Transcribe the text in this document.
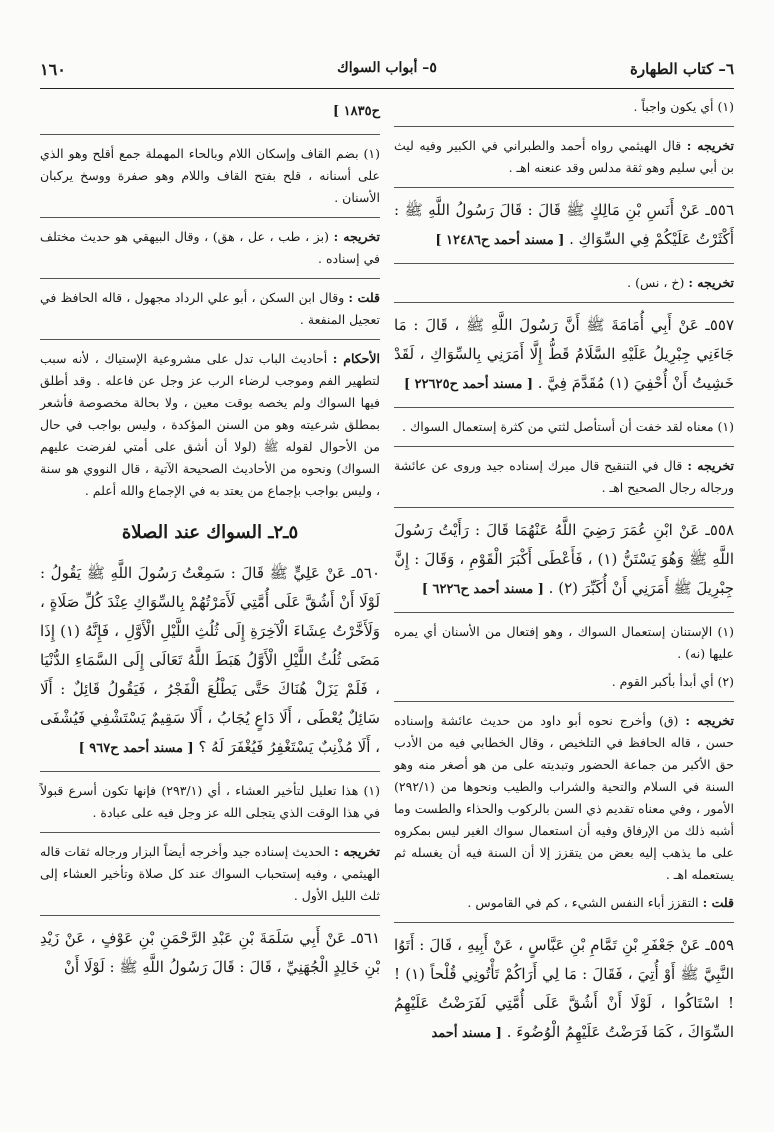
٦– كتاب الطهارة
٥– أبواب السواك
١٦٠
(١) أي يكون واجباً .
تخريجه : قال الهيثمي رواه أحمد والطبراني في الكبير وفيه ليث بن أبي سليم وهو ثقة مدلس وقد عنعنه اهـ .
٥٥٦ـ عَنْ أَنَسِ بْنِ مَالِكٍ ﷺ قَالَ : قَالَ رَسُولُ اللَّهِ ﷺ : أَكْثَرْتُ عَلَيْكُمْ فِي السِّوَاكِ . [ مسند أحمد ح١٢٤٨٦ ]
تخريجه : (خ ، نس) .
٥٥٧ـ عَنْ أَبِي أُمَامَةَ ﷺ أَنَّ رَسُولَ اللَّهِ ﷺ ، قَالَ : مَا جَاءَنِي جِبْرِيلُ عَلَيْهِ السَّلَامُ قَطُّ إِلَّا أَمَرَنِي بِالسِّوَاكِ ، لَقَدْ خَشِيتُ أَنْ أُحْفِيَ (١) مُقَدَّمَ فِيَّ . [ مسند أحمد ح٢٢٦٢٥ ]
(١) معناه لقد خفت أن أستأصل لثتي من كثرة إستعمال السواك .
تخريجه : قال في التنقيح قال ميرك إسناده جيد وروى عن عائشة ورجاله رجال الصحيح اهـ .
٥٥٨ـ عَنْ ابْنِ عُمَرَ رَضِيَ اللَّهُ عَنْهُمَا قَالَ : رَأَيْتُ رَسُولَ اللَّهِ ﷺ وَهُوَ يَسْتَنُّ (١) ، فَأَعْطَى أَكْبَرَ الْقَوْمِ ، وَقَالَ : إِنَّ جِبْرِيلَ ﷺ أَمَرَنِي أَنْ أُكَبِّرَ (٢) . [ مسند أحمد ح٦٢٢٦ ]
(١) الإستنان إستعمال السواك ، وهو إفتعال من الأسنان أي يمره عليها (نه) .
(٢) أي أبدأ بأكبر القوم .
تخريجه : (ق) وأخرج نحوه أبو داود من حديث عائشة وإسناده حسن ، قاله الحافظ في التلخيص ، وقال الخطابي فيه من الأدب حق الأكبر من جماعة الحضور وتبديته على من هو أصغر منه وهو السنة في السلام والتحية والشراب والطيب ونحوها من (٢٩٢/١) الأمور ، وفي معناه تقديم ذي السن بالركوب والحذاء والطست وما أشبه ذلك من الإرفاق وفيه أن استعمال سواك الغير ليس بمكروه على ما يذهب إليه بعض من يتقزز إلا أن السنة فيه أن يغسله ثم يستعمله اهـ .
قلت : التقزز أباء النفس الشيء ، كم في القاموس .
٥٥٩ـ عَنْ جَعْفَرِ بْنِ تَمَّامِ بْنِ عَبَّاسٍ ، عَنْ أَبِيهِ ، قَالَ : أَتَوُا النَّبِيَّ ﷺ أَوْ أُتِيَ ، فَقَالَ : مَا لِي أَرَاكُمْ تَأْتُونِي قُلْحاً (١) ! ! اسْتَاكُوا ، لَوْلَا أَنْ أَشُقَّ عَلَى أُمَّتِي لَفَرَضْتُ عَلَيْهِمُ السِّوَاكَ ، كَمَا فَرَضْتُ عَلَيْهِمُ الْوُضُوءَ . [ مسند أحمد
ح١٨٣٥ ]
(١) بضم القاف وإسكان اللام وبالحاء المهملة جمع أقلح وهو الذي على أسنانه ، قلح بفتح القاف واللام وهو صفرة ووسخ يركبان الأسنان .
تخريجه : (بز ، طب ، عل ، هق) ، وقال البيهقي هو حديث مختلف في إسناده .
قلت : وقال ابن السكن ، أبو علي الرداد مجهول ، قاله الحافظ في تعجيل المنفعة .
الأحكام : أحاديث الباب تدل على مشروعية الإستياك ، لأنه سبب لتطهير الفم وموجب لرضاء الرب عز وجل عن فاعله . وقد أطلق فيها السواك ولم يخصه بوقت معين ، ولا بحالة مخصوصة فأشعر بمطلق شرعيته وهو من السنن المؤكدة ، وليس بواجب في حال من الأحوال لقوله ﷺ (لولا أن أشق على أمتي لفرضت عليهم السواك) ونحوه من الأحاديث الصحيحة الآتية ، قال النووي هو سنة ، وليس بواجب بإجماع من يعتد به في الإجماع والله أعلم .
٥ـ٢ـ السواك عند الصلاة
٥٦٠ـ عَنْ عَلِيٍّ ﷺ قَالَ : سَمِعْتُ رَسُولَ اللَّهِ ﷺ يَقُولُ : لَوْلَا أَنْ أَشُقَّ عَلَى أُمَّتِي لَأَمَرْتُهُمْ بِالسِّوَاكِ عِنْدَ كُلِّ صَلَاةٍ ، وَلَأَخَّرْتُ عِشَاءَ الْآخِرَةِ إِلَى ثُلُثِ اللَّيْلِ الْأَوَّلِ ، فَإِنَّهُ (١) إِذَا مَضَى ثُلُثُ اللَّيْلِ الْأَوَّلُ هَبَطَ اللَّهُ تَعَالَى إِلَى السَّمَاءِ الدُّنْيَا ، فَلَمْ يَزَلْ هُنَاكَ حَتَّى يَطْلُعَ الْفَجْرُ ، فَيَقُولُ قَائِلٌ : أَلَا سَائِلٌ يُعْطَى ، أَلَا دَاعٍ يُجَابُ ، أَلَا سَقِيمٌ يَسْتَشْفِي فَيُشْفَى ، أَلَا مُذْنِبٌ يَسْتَغْفِرُ فَيُغْفَرَ لَهُ ؟ [ مسند أحمد ح٩٦٧ ]
(١) هذا تعليل لتأخير العشاء ، أي (٢٩٣/١) فإنها تكون أسرع قبولاً في هذا الوقت الذي يتجلى الله عز وجل فيه على عبادة .
تخريجه : الحديث إسناده جيد وأخرجه أيضاً البزار ورجاله ثقات قاله الهيثمي ، وفيه إستحباب السواك عند كل صلاة وتأخير العشاء إلى ثلث الليل الأول .
٥٦١ـ عَنْ أَبِي سَلَمَةَ بْنِ عَبْدِ الرَّحْمَنِ بْنِ عَوْفٍ ، عَنْ زَيْدِ بْنِ خَالِدٍ الْجُهَنِيِّ ، قَالَ : قَالَ رَسُولُ اللَّهِ ﷺ : لَوْلَا أَنْ
